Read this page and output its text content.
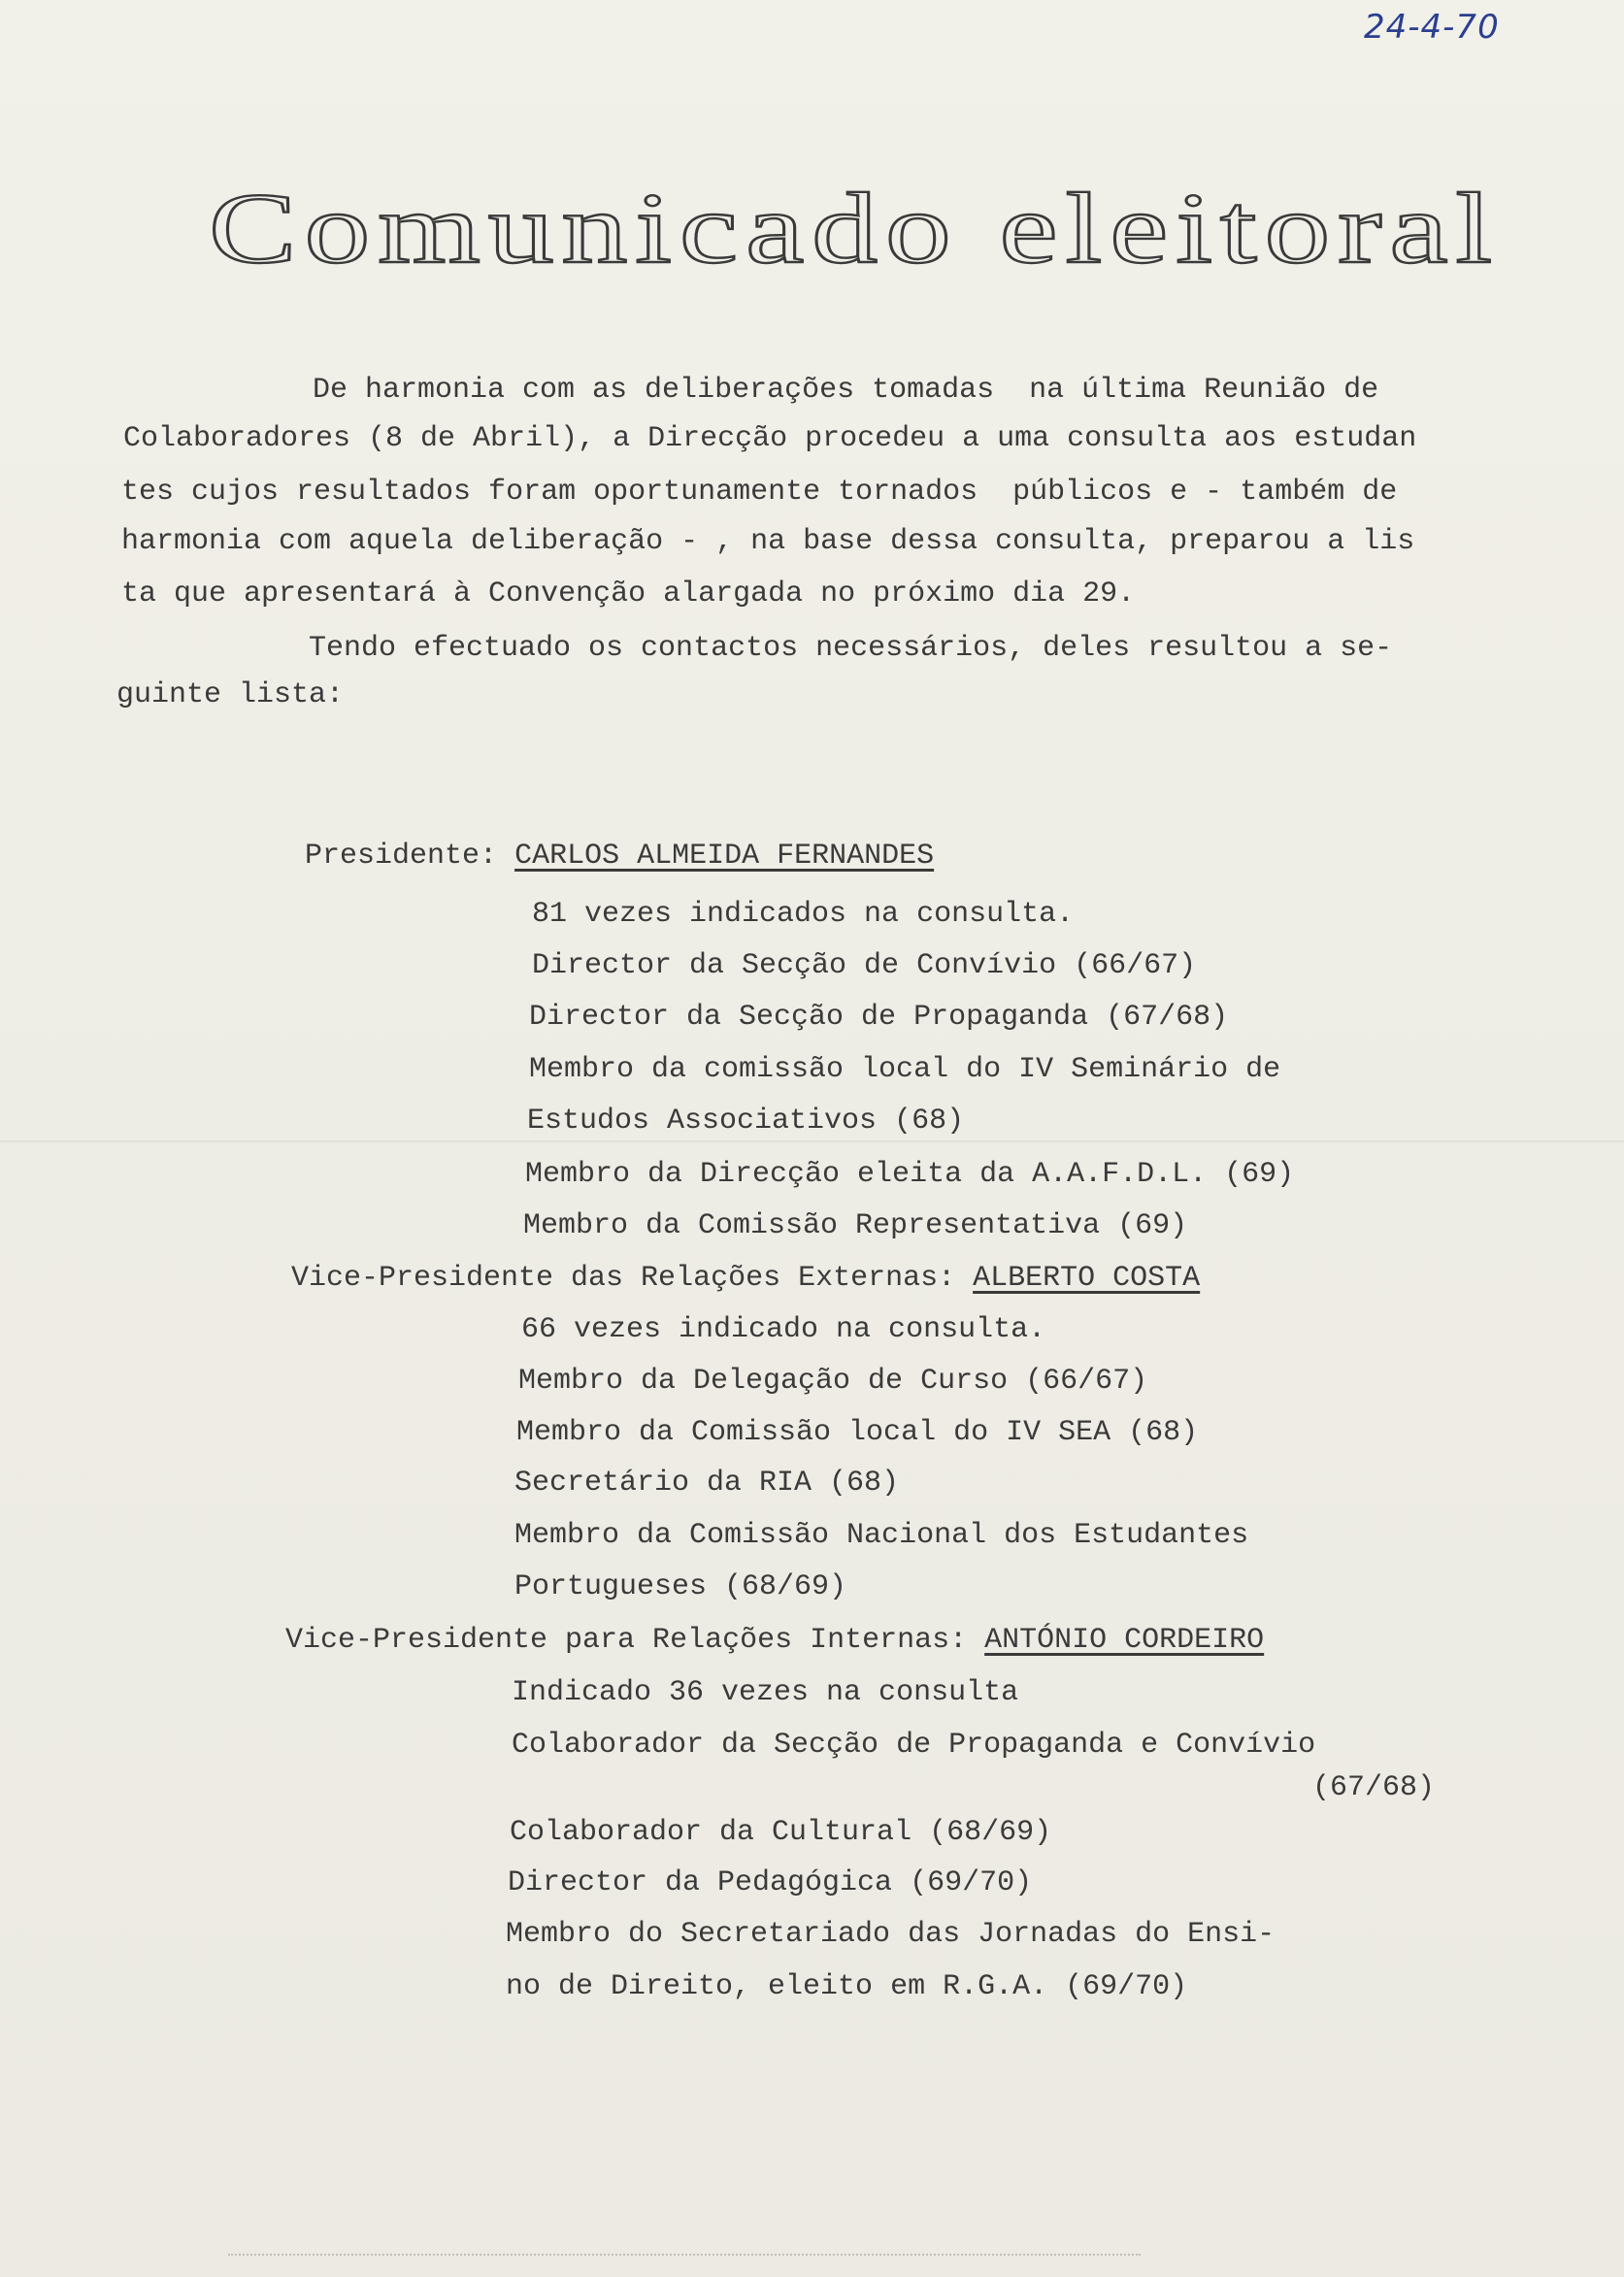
24-4-70
Comunicado eleitoral
De harmonia com as deliberações tomadas  na última Reunião de
Colaboradores (8 de Abril), a Direcção procedeu a uma consulta aos estudan
tes cujos resultados foram oportunamente tornados  públicos e - também de
harmonia com aquela deliberação - , na base dessa consulta, preparou a lis
ta que apresentará à Convenção alargada no próximo dia 29.
Tendo efectuado os contactos necessários, deles resultou a se-
guinte lista:
Presidente: CARLOS ALMEIDA FERNANDES
81 vezes indicados na consulta.
Director da Secção de Convívio (66/67)
Director da Secção de Propaganda (67/68)
Membro da comissão local do IV Seminário de
Estudos Associativos (68)
Membro da Direcção eleita da A.A.F.D.L. (69)
Membro da Comissão Representativa (69)
Vice-Presidente das Relações Externas: ALBERTO COSTA
66 vezes indicado na consulta.
Membro da Delegação de Curso (66/67)
Membro da Comissão local do IV SEA (68)
Secretário da RIA (68)
Membro da Comissão Nacional dos Estudantes
Portugueses (68/69)
Vice-Presidente para Relações Internas: ANTÓNIO CORDEIRO
Indicado 36 vezes na consulta
Colaborador da Secção de Propaganda e Convívio
(67/68)
Colaborador da Cultural (68/69)
Director da Pedagógica (69/70)
Membro do Secretariado das Jornadas do Ensi-
no de Direito, eleito em R.G.A. (69/70)
